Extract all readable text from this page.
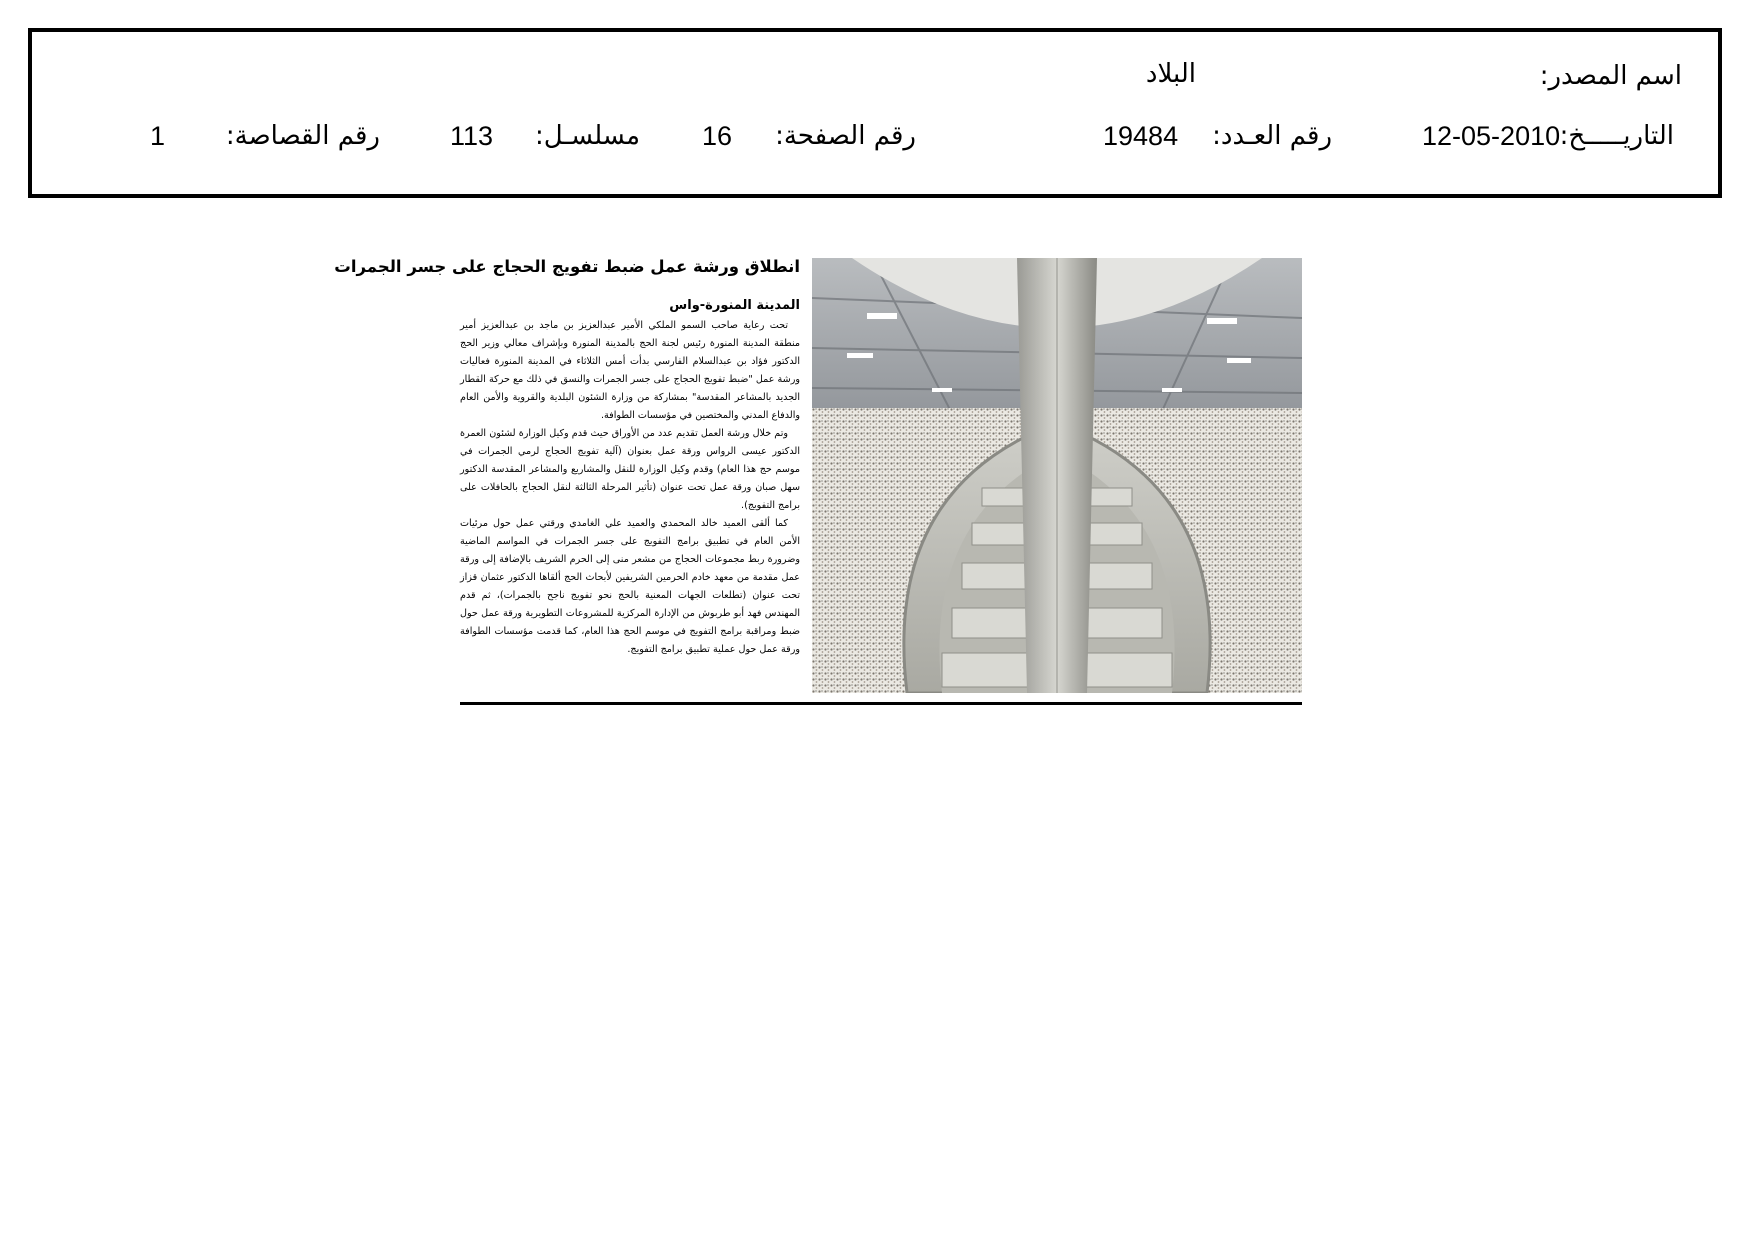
اسم المصدر:
البلاد
التاريـــــخ:
12-05-2010
رقم العـدد:
19484
رقم الصفحة:
16
مسلسـل:
113
رقم القصاصة:
1
انطلاق ورشة عمل ضبط تفويج الحجاج على جسر الجمرات
المدينة المنورة-واس

تحت رعاية صاحب السمو الملكي الأمير عبدالعزيز بن ماجد بن عبدالعزيز أمير منطقة المدينة المنورة رئيس لجنة الحج بالمدينة المنورة وبإشراف معالي وزير الحج الدكتور فؤاد بن عبدالسلام الفارسي بدأت أمس الثلاثاء في المدينة المنورة فعاليات ورشة عمل "ضبط تفويج الحجاج على جسر الجمرات والنسق في ذلك مع حركة القطار الجديد بالمشاعر المقدسة" بمشاركة من وزارة الشئون البلدية والقروية والأمن العام والدفاع المدني والمختصين في مؤسسات الطوافة.

وتم خلال ورشة العمل تقديم عدد من الأوراق حيث قدم وكيل الوزارة لشئون العمرة الدكتور عيسى الرواس ورقة عمل بعنوان (آلية تفويج الحجاج لرمي الجمرات في موسم حج هذا العام) وقدم وكيل الوزارة للنقل والمشاريع والمشاعر المقدسة الدكتور سهل صبان ورقة عمل تحت عنوان (تأثير المرحلة الثالثة لنقل الحجاج بالحافلات على برامج التفويج).

كما ألقى العميد خالد المحمدي والعميد علي الغامدي ورقتي عمل حول مرئيات الأمن العام في تطبيق برامج التفويج على جسر الجمرات في المواسم الماضية وضرورة ربط مجموعات الحجاج من مشعر منى إلى الحرم الشريف بالإضافة إلى ورقة عمل مقدمة من معهد خادم الحرمين الشريفين لأبحاث الحج ألقاها الدكتور عثمان قزاز تحت عنوان (تطلعات الجهات المعنية بالحج نحو تفويج ناجح بالجمرات)، ثم قدم المهندس فهد أبو طربوش من الإدارة المركزية للمشروعات التطويرية ورقة عمل حول ضبط ومراقبة برامج التفويج في موسم الحج هذا العام، كما قدمت مؤسسات الطوافة ورقة عمل حول عملية تطبيق برامج التفويج.
